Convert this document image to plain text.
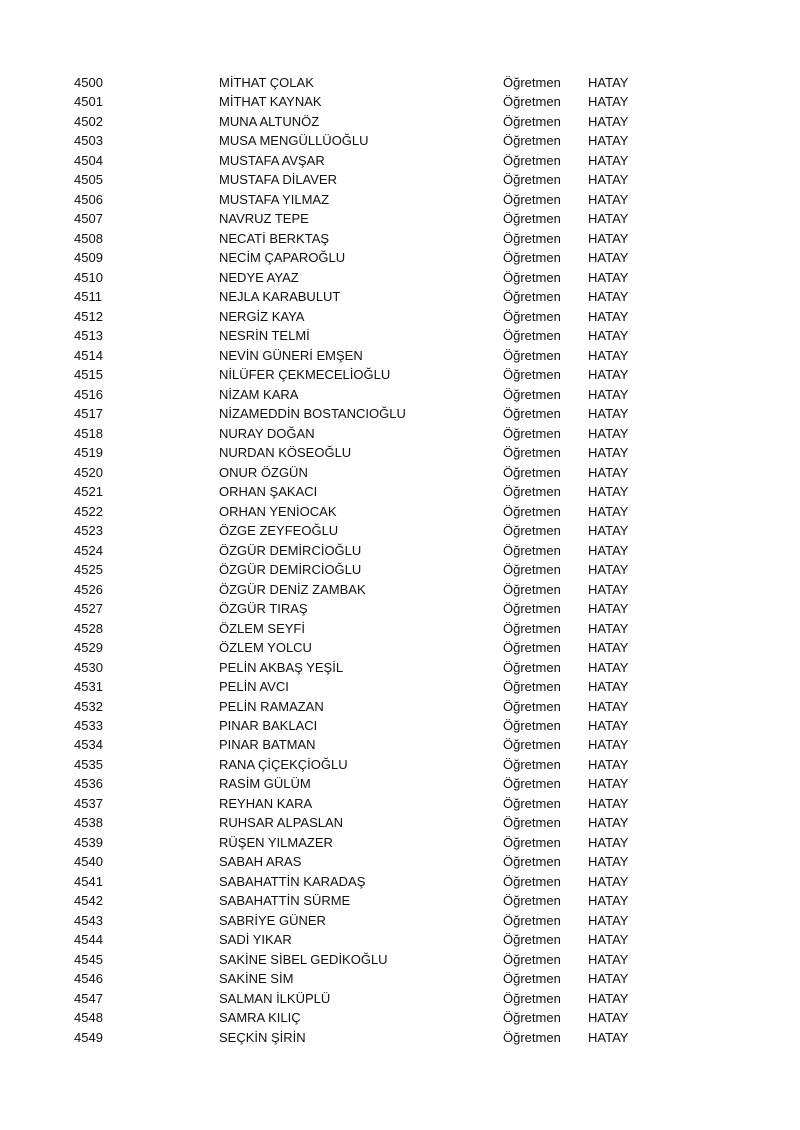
4500	MİTHAT ÇOLAK	Öğretmen HATAY
4501	MİTHAT KAYNAK	Öğretmen HATAY
4502	MUNA ALTUNÖZ	Öğretmen HATAY
4503	MUSA MENGÜLLÜOĞLU	Öğretmen HATAY
4504	MUSTAFA AVŞAR	Öğretmen HATAY
4505	MUSTAFA DİLAVER	Öğretmen HATAY
4506	MUSTAFA YILMAZ	Öğretmen HATAY
4507	NAVRUZ TEPE	Öğretmen HATAY
4508	NECATİ BERKTAŞ	Öğretmen HATAY
4509	NECİM ÇAPAROĞLU	Öğretmen HATAY
4510	NEDYE AYAZ	Öğretmen HATAY
4511	NEJLA KARABULUT	Öğretmen HATAY
4512	NERGİZ KAYA	Öğretmen HATAY
4513	NESRİN TELMİ	Öğretmen HATAY
4514	NEVİN GÜNERİ EMŞEN	Öğretmen HATAY
4515	NİLÜFER ÇEKMECELİOĞLU	Öğretmen HATAY
4516	NİZAM KARA	Öğretmen HATAY
4517	NİZAMEDDİN BOSTANCIOĞLU	Öğretmen HATAY
4518	NURAY DOĞAN	Öğretmen HATAY
4519	NURDAN KÖSEOĞLU	Öğretmen HATAY
4520	ONUR ÖZGÜN	Öğretmen HATAY
4521	ORHAN ŞAKACI	Öğretmen HATAY
4522	ORHAN YENİOCAK	Öğretmen HATAY
4523	ÖZGE ZEYFEOĞLU	Öğretmen HATAY
4524	ÖZGÜR DEMİRCİOĞLU	Öğretmen HATAY
4525	ÖZGÜR DEMİRCİOĞLU	Öğretmen HATAY
4526	ÖZGÜR DENİZ ZAMBAK	Öğretmen HATAY
4527	ÖZGÜR TIRAŞ	Öğretmen HATAY
4528	ÖZLEM SEYFİ	Öğretmen HATAY
4529	ÖZLEM YOLCU	Öğretmen HATAY
4530	PELİN AKBAŞ YEŞİL	Öğretmen HATAY
4531	PELİN AVCI	Öğretmen HATAY
4532	PELİN RAMAZAN	Öğretmen HATAY
4533	PINAR BAKLACI	Öğretmen HATAY
4534	PINAR BATMAN	Öğretmen HATAY
4535	RANA ÇİÇEKÇİOĞLU	Öğretmen HATAY
4536	RASİM GÜLÜM	Öğretmen HATAY
4537	REYHAN KARA	Öğretmen HATAY
4538	RUHSAR ALPASLAN	Öğretmen HATAY
4539	RÜŞEN YILMAZER	Öğretmen HATAY
4540	SABAH ARAS	Öğretmen HATAY
4541	SABAHATTİN KARADAŞ	Öğretmen HATAY
4542	SABAHATTİN SÜRME	Öğretmen HATAY
4543	SABRİYE GÜNER	Öğretmen HATAY
4544	SADİ YIKAR	Öğretmen HATAY
4545	SAKİNE SİBEL GEDİKOĞLU	Öğretmen HATAY
4546	SAKİNE SİM	Öğretmen HATAY
4547	SALMAN İLKÜPLÜ	Öğretmen HATAY
4548	SAMRA KILIÇ	Öğretmen HATAY
4549	SEÇKİN ŞİRİN	Öğretmen HATAY
